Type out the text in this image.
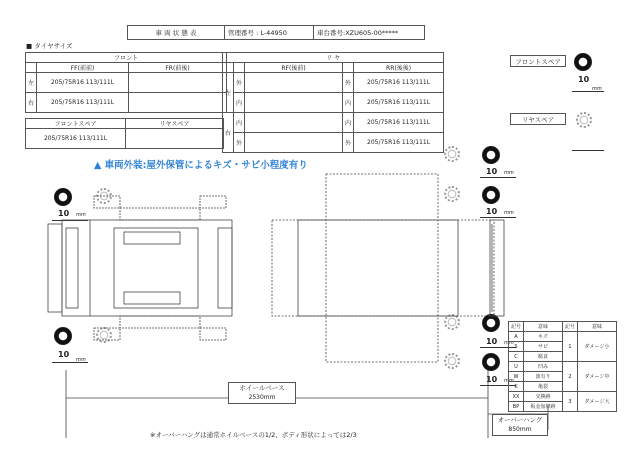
車 両 状 態 表	管理番号 : L-44950	車台番号:XZU605-00*****
■ タイヤサイズ
フロント		
	FF(前前)	FR(前後)
左	205/75R16 113/111L	
右	205/75R16 113/111L	
リ ヤ				
		RF(後前)		RR(後後)
左	外		外	205/75R16 113/111L
	内		内	205/75R16 113/111L
右	内		内	205/75R16 113/111L
	外		外	205/75R16 113/111L
フロントスペア	リヤスペア
205/75R16 113/111L	
フロントスペア
10
mm
リヤスペア
▲ 車両外装:屋外保管によるキズ・サビ小程度有り
10 mm
10
mm
10 mm
10 mm
10 mm
10 mm
ホイールベース
2530mm
オーバーハング
850mm
※オーバーハングは通常ホイルベースの1/2、ボディ形状によっては2/3
記号	意味	記号	意味
A	キズ	1	ダメージ小
S	サビ		
C	腐食		
U	凹み	2	ダメージ中
W	波有り		
K	亀裂		
XX	交換跡	3	ダメージ大
BP	板金加修跡		
